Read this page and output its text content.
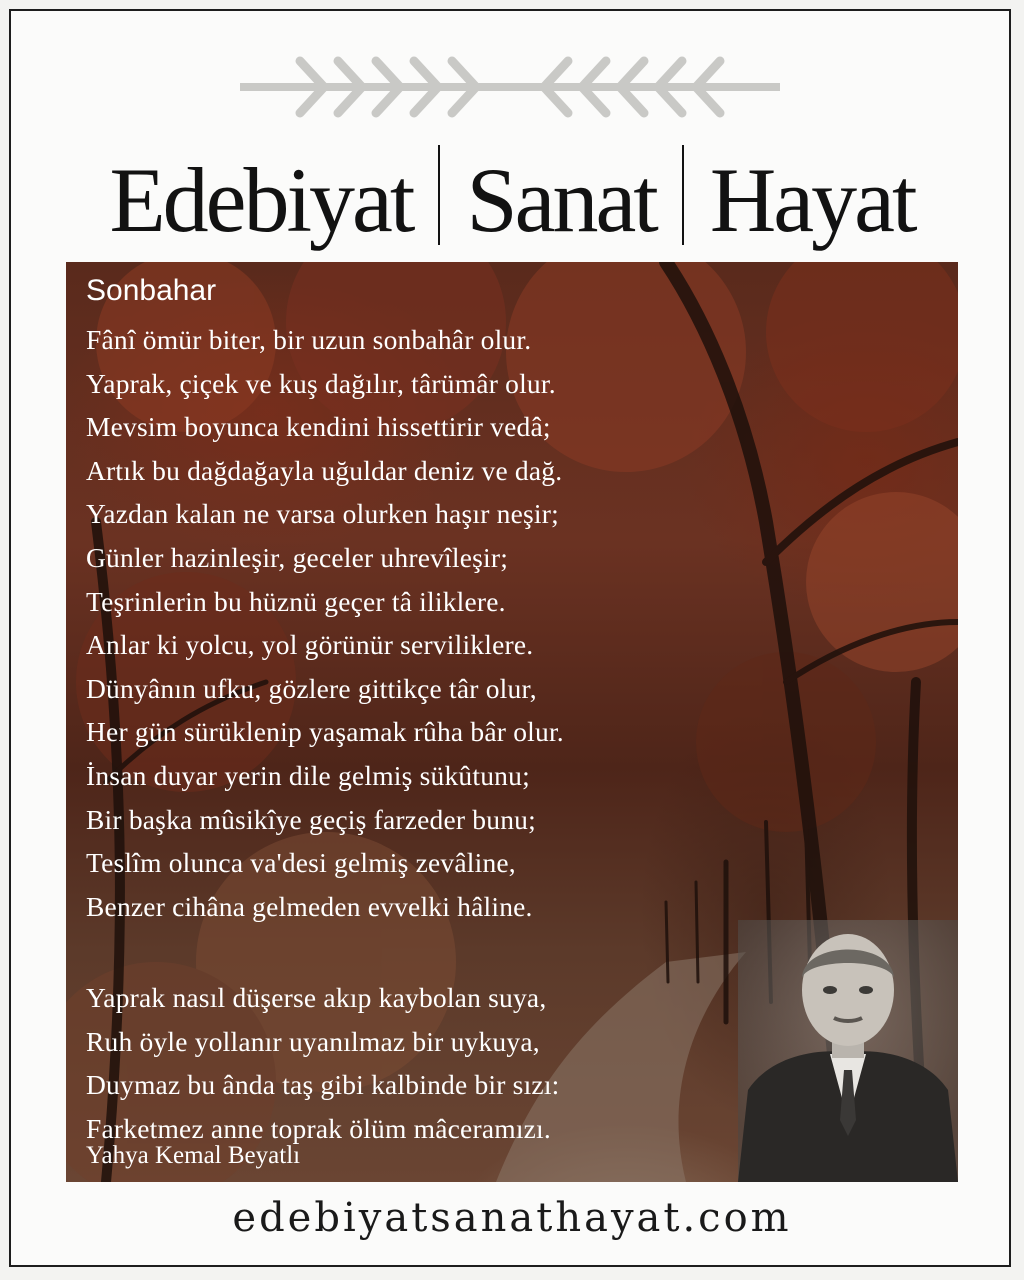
Edebiyat Sanat Hayat
Sonbahar
Fânî ömür biter, bir uzun sonbahâr olur.
Yaprak, çiçek ve kuş dağılır, târümâr olur.
Mevsim boyunca kendini hissettirir vedâ;
Artık bu dağdağayla uğuldar deniz ve dağ.
Yazdan kalan ne varsa olurken haşır neşir;
Günler hazinleşir, geceler uhrevîleşir;
Teşrinlerin bu hüznü geçer tâ iliklere.
Anlar ki yolcu, yol görünür serviliklere.
Dünyânın ufku, gözlere gittikçe târ olur,
Her gün sürüklenip yaşamak rûha bâr olur.
İnsan duyar yerin dile gelmiş sükûtunu;
Bir başka mûsikîye geçiş farzeder bunu;
Teslîm olunca va'desi gelmiş zevâline,
Benzer cihâna gelmeden evvelki hâline.
Yaprak nasıl düşerse akıp kaybolan suya,
Ruh öyle yollanır uyanılmaz bir uykuya,
Duymaz bu ânda taş gibi kalbinde bir sızı:
Farketmez anne toprak ölüm mâceramızı.
Yahya Kemal Beyatlı
edebiyatsanathayat.com
